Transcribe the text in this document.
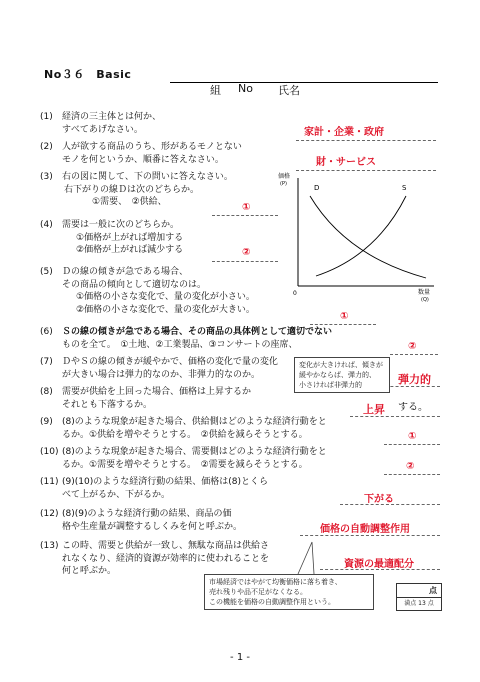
No３６　Basic
組 No 氏名
(1) 経済の三主体とは何か、
すべてあげなさい。
(2) 人が欲する商品のうち、形があるモノとない
モノを何というか、順番に答えなさい。
(3) 右の図に関して、下の問いに答えなさい。
右下がりの線Ｄは次のどちらか。
①需要、　②供給、
(4) 需要は一般に次のどちらか。
①価格が上がれば増加する
②価格が上がれば減少する
(5) Ｄの線の傾きが急である場合、
その商品の傾向として適切なのは。
①価格の小さな変化で、量の変化が小さい。
②価格の小さな変化で、量の変化が大きい。
(6) Ｓの線の傾きが急である場合、その商品の具体例として適切でない
ものを全て。　①土地、②工業製品、③コンサートの座席、
(7) ＤやＳの線の傾きが緩やかで、価格の変化で量の変化
が大きい場合は弾力的なのか、非弾力的なのか。
(8) 需要が供給を上回った場合、価格は上昇するか
それとも下落するか。
(9) (8)のような現象が起きた場合、供給側はどのような経済行動をと
るか。①供給を増やそうとする。　②供給を減らそうとする。
(10) (8)のような現象が起きた場合、需要側はどのような経済行動をと
るか。①需要を増やそうとする。　②需要を減らそうとする。
(11) (9)(10)のような経済行動の結果、価格は(8)とくら
べて上がるか、下がるか。
(12) (8)(9)のような経済行動の結果、商品の価
格や生産量が調整するしくみを何と呼ぶか。
(13) この時、需要と供給が一致し、無駄な商品は供給さ
れなくなり、経済的資源が効率的に使われることを
何と呼ぶか。
家計・企業・政府
財・サービス
①
②
①
②
弾力的
上昇 する。
①
②
下がる
価格の自動調整作用
資源の最適配分
価格
(P)
数量
(Q)
0
D	S
変化が大きければ、傾きが
緩やかならば、弾力的、
小さければ非弾力的
市場経済ではやがて均衡価格に落ち着き、
売れ残りや品不足がなくなる。
この機能を価格の自動調整作用という。
点
満点 13 点
- 1 -
